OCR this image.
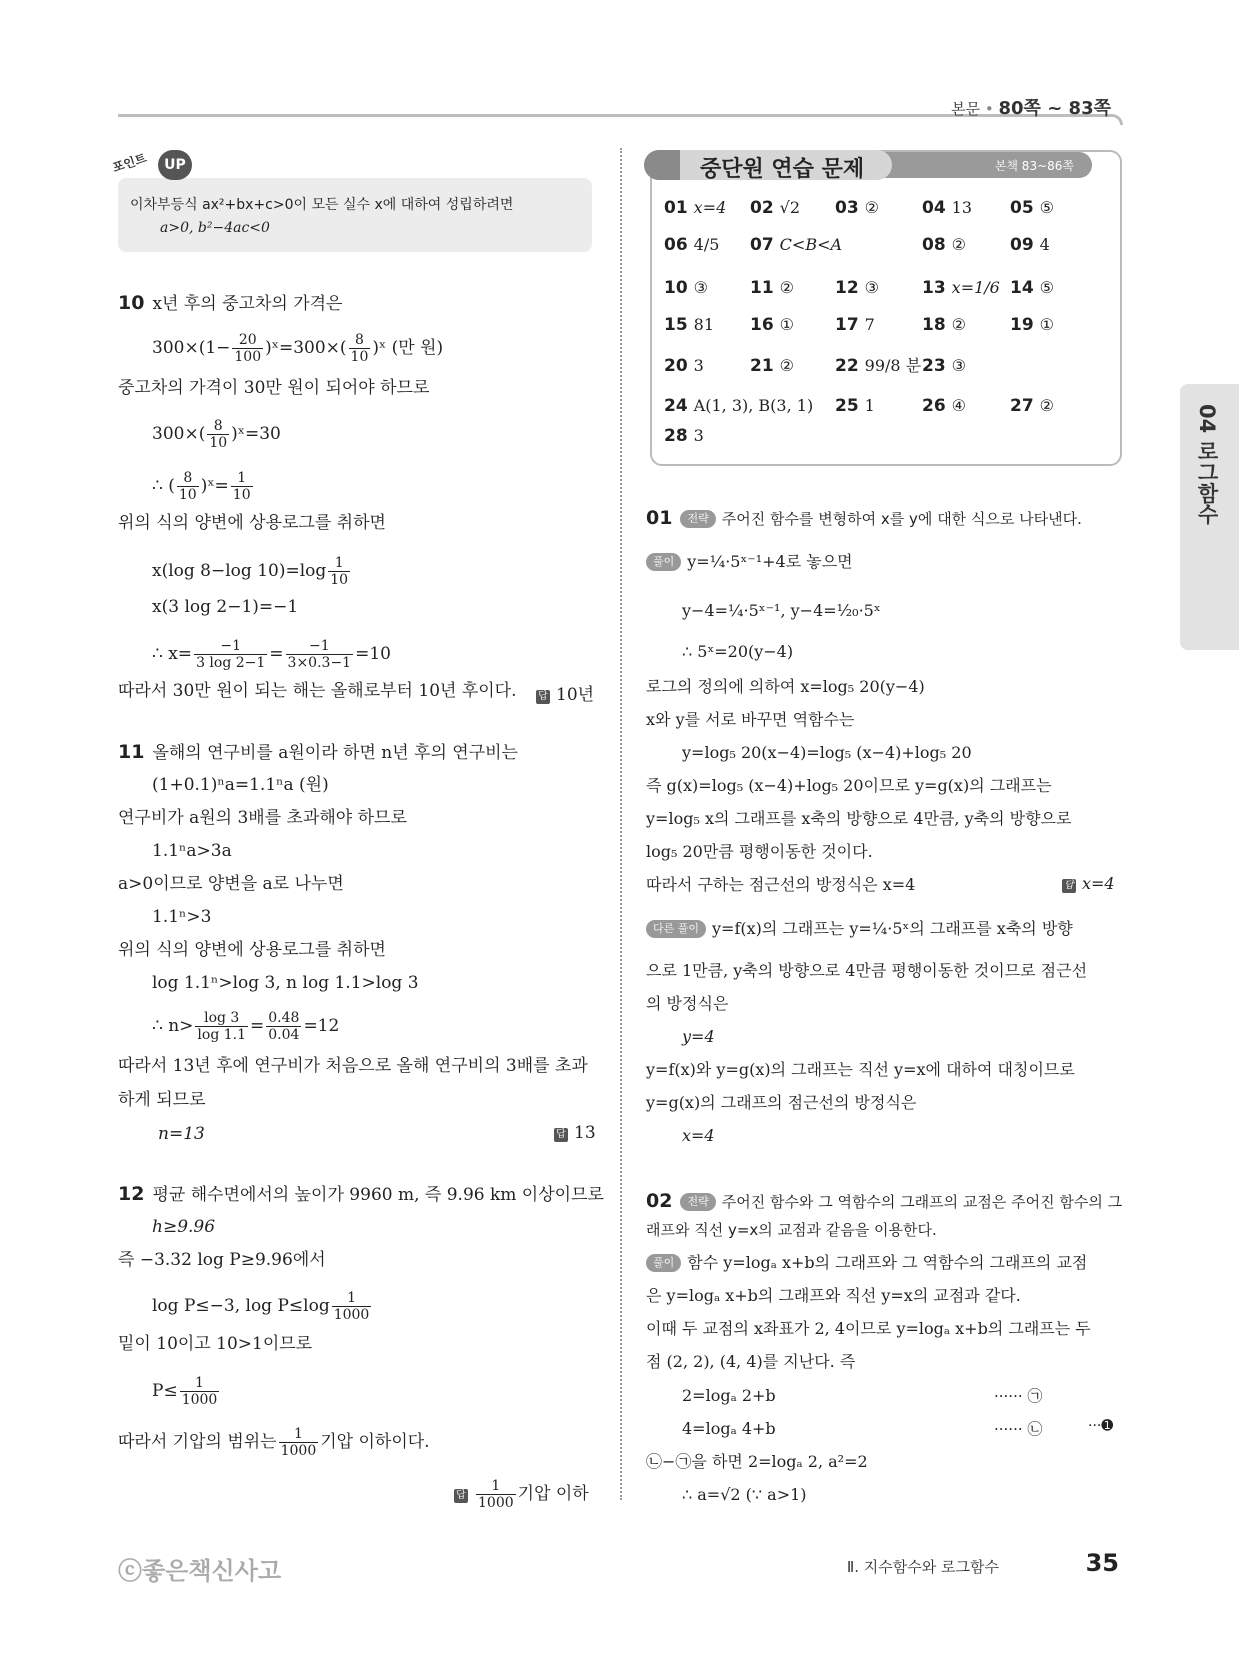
본문 • 80쪽 ~ 83쪽
포인트	UP
이차부등식 ax²+bx+c>0이 모든 실수 x에 대하여 성립하려면
a>0, b²−4ac<0
10 x년 후의 중고차의 가격은
$300\times(1- \frac{20}{100}$ )ˣ=300×( $\frac{8}{10}$ )ˣ (만 원)
중고차의 가격이 30만 원이 되어야 하므로
$300\times( \frac{8}{10}$ )ˣ=30
∴ ( $\frac{8}{10}$ )ˣ= $\frac{1}{10}$
위의 식의 양변에 상용로그를 취하면
x(log 8−log $10)=\log \frac{1}{10}$
x(3 log 2−1)=−1
∴ $x= \frac{-1}{3 \log 2-1} = \frac{-1}{3\times 0.3-1} =10$
따라서 30만 원이 되는 해는 올해로부터 10년 후이다. 답 10년
11 올해의 연구비를 a원이라 하면 n년 후의 연구비는
(1+0.1)ⁿa=1.1ⁿa (원)
연구비가 a원의 3배를 초과해야 하므로
1.1ⁿa>3a
a>0이므로 양변을 a로 나누면
1.1ⁿ>3
위의 식의 양변에 상용로그를 취하면
log 1.1ⁿ>log 3, n log 1.1>log 3
∴ $n> \frac{\log 3}{\log 1.1} = \frac{0.48}{0.04} =12$
따라서 13년 후에 연구비가 처음으로 올해 연구비의 3배를 초과
하게 되므로
n=13	답 13
12 평균 해수면에서의 높이가 9960 m, 즉 9.96 km 이상이므로
h≥9.96
즉 −3.32 log P≥9.96에서
log P≤−3, $\log P\le\log \frac{1}{1000}$
밑이 10이고 10>1이므로
$P\le \frac{1}{1000}$
따라서 기압의 범위는 $\frac{1}{1000}$ 기압 이하이다.
답 $\frac{1}{1000}$ 기압 이하
본책 83~86쪽
중단원 연습 문제
01 x=4 02 √2 03 ②	04 13 05 ⑤
06 4/5 07 C<B<A	08 ②	09 4
10 ③ 11 ② 12 ③	13 x=1/6 14 ⑤
15 81 16 ① 17 7	18 ②	19 ①
20 3	21 ② 22 99/8 분 23 ③
24 A(1, 3), B(3, 1) 25 1	26 ④	27 ②
28 3
01 전략 주어진 함수를 변형하여 x를 y에 대한 식으로 나타낸다.
풀이 y=¼·5ˣ⁻¹+4로 놓으면
y−4=¼·5ˣ⁻¹, y−4=¹⁄₂₀·5ˣ
∴ 5ˣ=20(y−4)
로그의 정의에 의하여 x=log₅ 20(y−4)
x와 y를 서로 바꾸면 역함수는
y=log₅ 20(x−4)=log₅ (x−4)+log₅ 20
즉 g(x)=log₅ (x−4)+log₅ 20이므로 y=g(x)의 그래프는
y=log₅ x의 그래프를 x축의 방향으로 4만큼, y축의 방향으로
log₅ 20만큼 평행이동한 것이다.
따라서 구하는 점근선의 방정식은 x=4	답 x=4
다른 풀이 y=f(x)의 그래프는 y=¼·5ˣ의 그래프를 x축의 방향
으로 1만큼, y축의 방향으로 4만큼 평행이동한 것이므로 점근선
의 방정식은
y=4
y=f(x)와 y=g(x)의 그래프는 직선 y=x에 대하여 대칭이므로
y=g(x)의 그래프의 점근선의 방정식은
x=4
02 전략 주어진 함수와 그 역함수의 그래프의 교점은 주어진 함수의 그
래프와 직선 y=x의 교점과 같음을 이용한다.
풀이 함수 y=logₐ x+b의 그래프와 그 역함수의 그래프의 교점
은 y=logₐ x+b의 그래프와 직선 y=x의 교점과 같다.
이때 두 교점의 x좌표가 2, 4이므로 y=logₐ x+b의 그래프는 두
점 (2, 2), (4, 4)를 지난다. 즉
2=logₐ 2+b	······ ㉠
4=logₐ 4+b	······ ㉡	···➊
㉡−㉠을 하면 2=logₐ 2, a²=2
∴ a=√2 (∵ a>1)
04 로그함수
ⓒ좋은책신사고	Ⅱ. 지수함수와 로그함수	35
